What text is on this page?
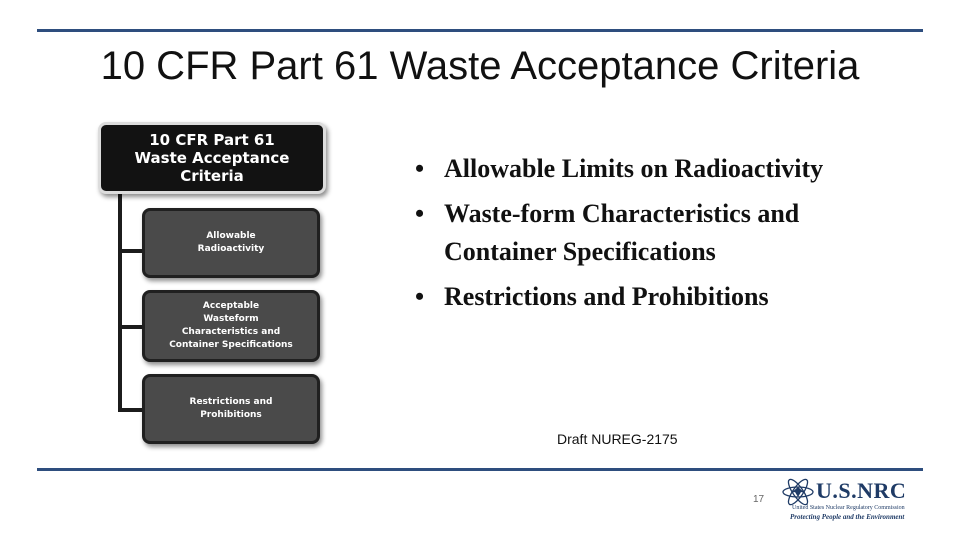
10 CFR Part 61 Waste Acceptance Criteria
10 CFR Part 61
Waste Acceptance
Criteria
Allowable
Radioactivity
Acceptable
Wasteform
Characteristics and
Container Specifications
Restrictions and
Prohibitions
• Allowable Limits on Radioactivity
• Waste-form Characteristics and Container Specifications
• Restrictions and Prohibitions
Draft NUREG-2175
17 U.S.NRC
United States Nuclear Regulatory Commission
Protecting People and the Environment
